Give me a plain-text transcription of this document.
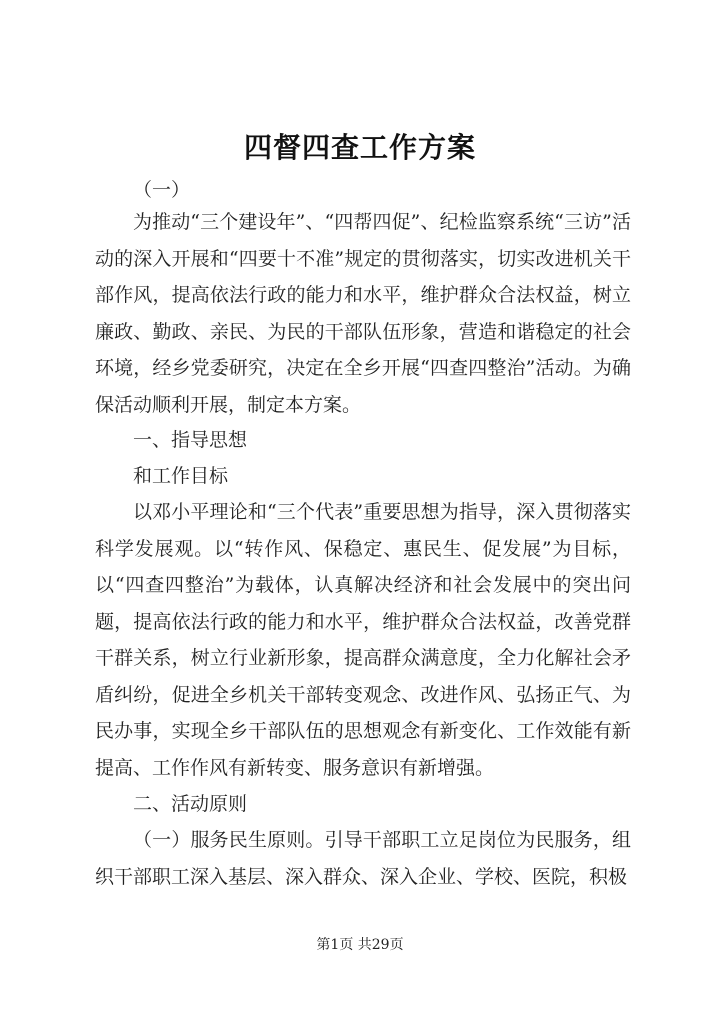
四督四查工作方案
（一）
为推动“三个建设年”、“四帮四促”、纪检监察系统“三访”活动的深入开展和“四要十不准”规定的贯彻落实，切实改进机关干部作风，提高依法行政的能力和水平，维护群众合法权益，树立廉政、勤政、亲民、为民的干部队伍形象，营造和谐稳定的社会环境，经乡党委研究，决定在全乡开展“四查四整治”活动。为确保活动顺利开展，制定本方案。
一、指导思想
和工作目标
以邓小平理论和“三个代表”重要思想为指导，深入贯彻落实科学发展观。以“转作风、保稳定、惠民生、促发展”为目标，以“四查四整治”为载体，认真解决经济和社会发展中的突出问题，提高依法行政的能力和水平，维护群众合法权益，改善党群干群关系，树立行业新形象，提高群众满意度，全力化解社会矛盾纠纷，促进全乡机关干部转变观念、改进作风、弘扬正气、为民办事，实现全乡干部队伍的思想观念有新变化、工作效能有新提高、工作作风有新转变、服务意识有新增强。
二、活动原则
（一）服务民生原则。引导干部职工立足岗位为民服务，组织干部职工深入基层、深入群众、深入企业、学校、医院，积极
第1页 共29页
